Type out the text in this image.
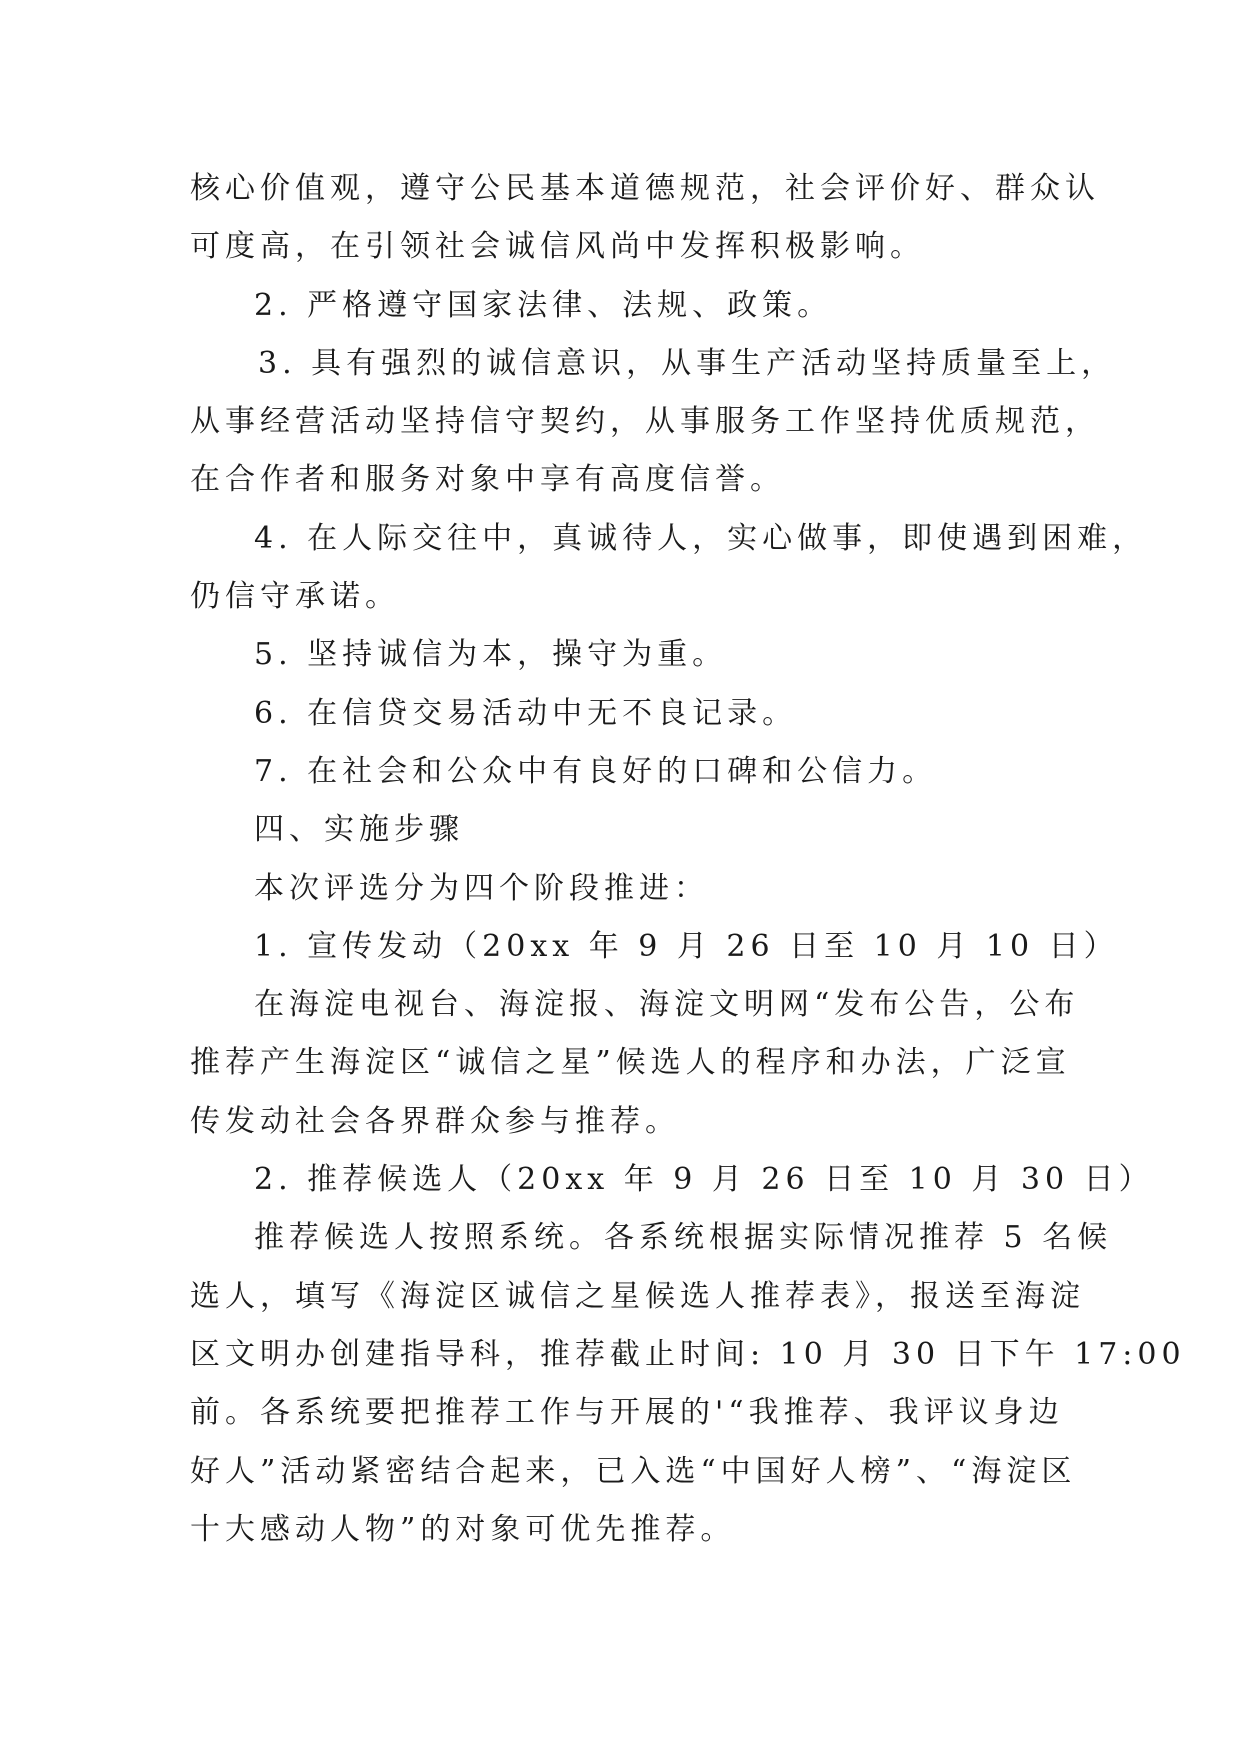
核心价值观，遵守公民基本道德规范，社会评价好、群众认
可度高，在引领社会诚信风尚中发挥积极影响。
2. 严格遵守国家法律、法规、政策。
3. 具有强烈的诚信意识，从事生产活动坚持质量至上，
从事经营活动坚持信守契约，从事服务工作坚持优质规范，
在合作者和服务对象中享有高度信誉。
4. 在人际交往中，真诚待人，实心做事，即使遇到困难，
仍信守承诺。
5. 坚持诚信为本，操守为重。
6. 在信贷交易活动中无不良记录。
7. 在社会和公众中有良好的口碑和公信力。
四、实施步骤
本次评选分为四个阶段推进：
1. 宣传发动（20xx 年 9 月 26 日至 10 月 10 日）
在海淀电视台、海淀报、海淀文明网“发布公告，公布
推荐产生海淀区“诚信之星”候选人的程序和办法，广泛宣
传发动社会各界群众参与推荐。
2. 推荐候选人（20xx 年 9 月 26 日至 10 月 30 日）
推荐候选人按照系统。各系统根据实际情况推荐 5 名候
选人，填写《海淀区诚信之星候选人推荐表》，报送至海淀
区文明办创建指导科，推荐截止时间: 10 月 30 日下午 17:00
前。各系统要把推荐工作与开展的'“我推荐、我评议身边
好人”活动紧密结合起来，已入选“中国好人榜”、“海淀区
十大感动人物”的对象可优先推荐。
